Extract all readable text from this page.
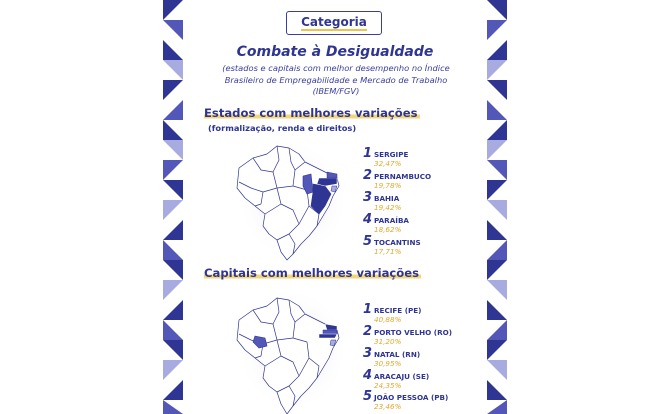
Categoria
Combate à Desigualdade
(estados e capitais com melhor desempenho no Índice Brasileiro de Empregabilidade e Mercado de Trabalho (IBEM/FGV)
Estados com melhores variações
(formalização, renda e direitos)
1 SERGIPE
32,47%
2 PERNAMBUCO
19,78%
3 BAHIA
19,42%
4 PARAÍBA
18,62%
5 TOCANTINS
17,71%
Capitais com melhores variações
1 RECIFE (PE)
40,88%
2 PORTO VELHO (RO)
31,20%
3 NATAL (RN)
30,95%
4 ARACAJU (SE)
24,35%
5 JOÃO PESSOA (PB)
23,46%
